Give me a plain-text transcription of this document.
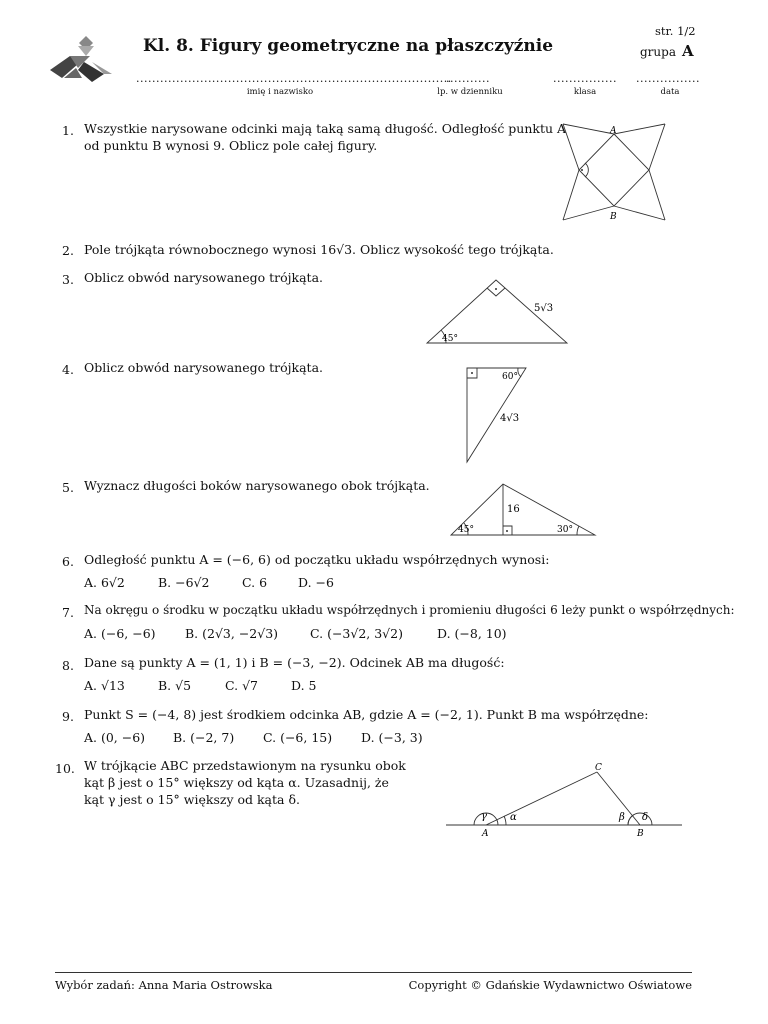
Kl. 8. Figury geometryczne na płaszczyźnie
str. 1/2
grupa A
...............................................................................
imię i nazwisko
...........
lp. w dzienniku
................
klasa
................
data
1. Wszystkie narysowane odcinki mają taką samą długość. Odległość punktu A
od punktu B wynosi 9. Oblicz pole całej figury.
A
B
2. Pole trójkąta równobocznego wynosi 16√3. Oblicz wysokość tego trójkąta.
3. Oblicz obwód narysowanego trójkąta.
5√3
45°
4. Oblicz obwód narysowanego trójkąta.
60°
4√3
5. Wyznacz długości boków narysowanego obok trójkąta.
16
45°	30°
6. Odległość punktu A = (−6, 6) od początku układu współrzędnych wynosi:
A. 6√2	B. −6√2	C. 6 D. −6
7. Na okręgu o środku w początku układu współrzędnych i promieniu długości 6 leży punkt o współrzędnych:
A. (−6, −6) B. (2√3, −2√3)	C. (−3√2, 3√2)	D. (−8, 10)
8. Dane są punkty A = (1, 1) i B = (−3, −2). Odcinek AB ma długość:
A. √13	B. √5	C. √7	D. 5
9. Punkt S = (−4, 8) jest środkiem odcinka AB, gdzie A = (−2, 1). Punkt B ma współrzędne:
A. (0, −6) B. (−2, 7) C. (−6, 15) D. (−3, 3)
10. W trójkącie ABC przedstawionym na rysunku obok
kąt β jest o 15° większy od kąta α. Uzasadnij, że
kąt γ jest o 15° większy od kąta δ.
C
A	B
γ α	β δ
Wybór zadań: Anna Maria Ostrowska	Copyright © Gdańskie Wydawnictwo Oświatowe
